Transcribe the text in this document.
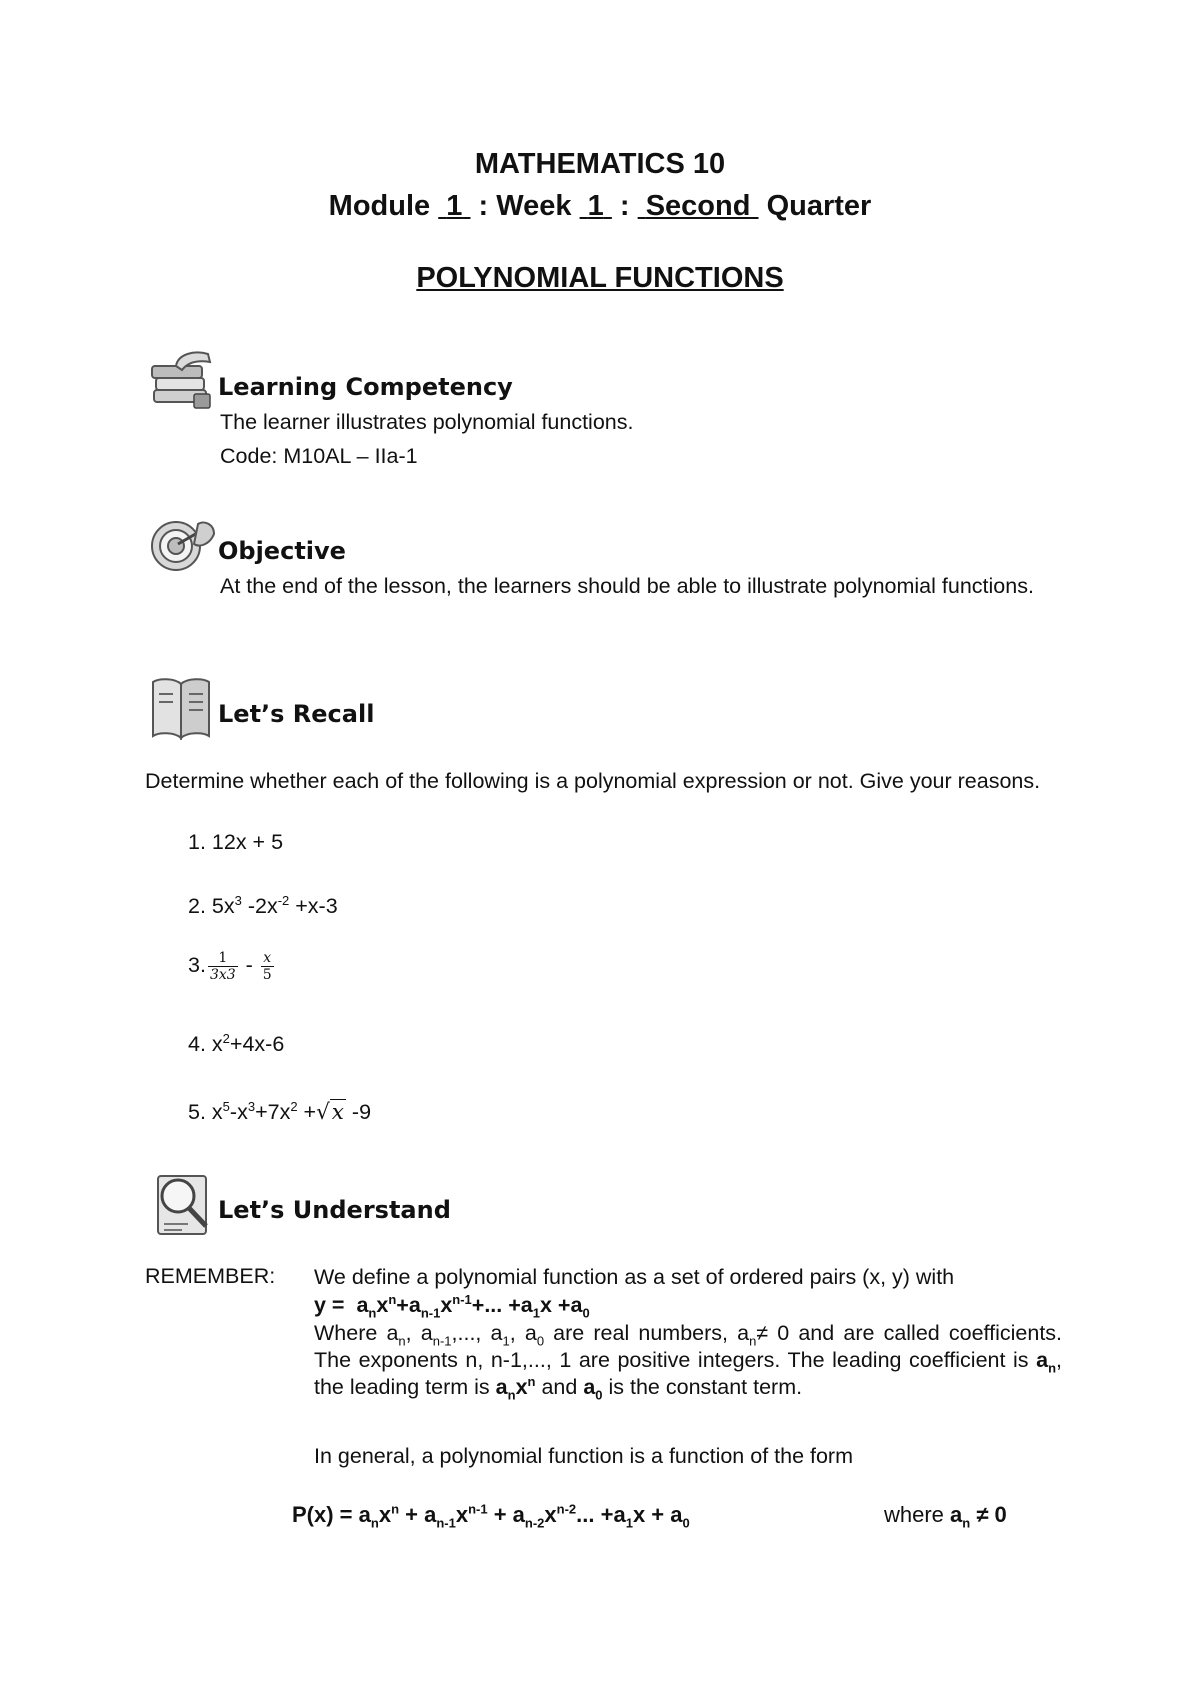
MATHEMATICS 10
Module 1 : Week 1 : Second Quarter
POLYNOMIAL FUNCTIONS
Learning Competency
The learner illustrates polynomial functions.
Code: M10AL – IIa-1
Objective
At the end of the lesson, the learners should be able to illustrate polynomial functions.
Let’s Recall
Determine whether each of the following is a polynomial expression or not. Give your reasons.
1. 12x + 5
2. $5x^3$ $-2x^{-2} +x-3$
3. $\frac{1}{3x3} - \frac{x}{5}$
4. $x^2+4x-6$
5. $x^5-x^3+7x^2 +√x$ -9
Let’s Understand
REMEMBER: We define a polynomial function as a set of ordered pairs (x, y) with
$y = a_nx^n+a_{n-1}x^{n-1}+$... $+a_1x +a_0$
Where $a_n$, $a_{n-1}$,..., $a_1$, $a_0$ are real numbers, $a_n\ne 0$ and are called coefficients. The exponents n, n-1,..., 1 are positive integers. The leading coefficient is $a_n$, the leading term is $a_nx^n$ and $a_0$ is the constant term.
In general, a polynomial function is a function of the form
$P(x) = a_nx^n + a_{n-1}x^{n-1} + a_{n-2}x^{n-2}$... $+a_1x + a_0$	where $a_n \ne 0$
